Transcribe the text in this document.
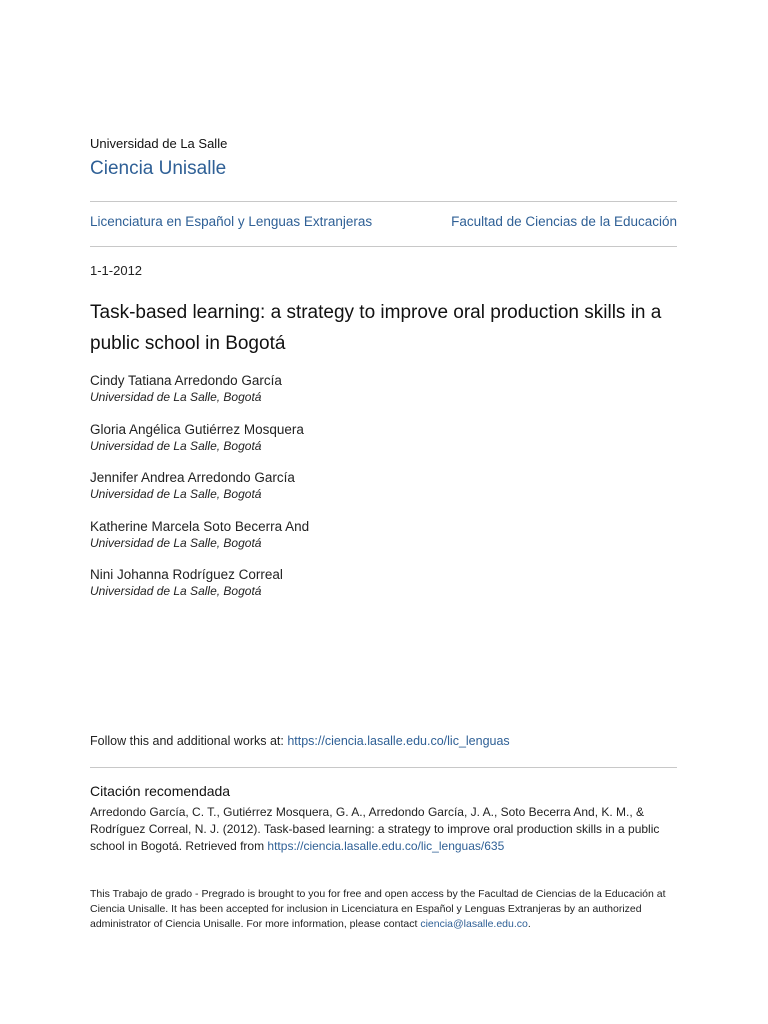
Universidad de La Salle
Ciencia Unisalle
Licenciatura en Español y Lenguas Extranjeras	Facultad de Ciencias de la Educación
1-1-2012
Task-based learning: a strategy to improve oral production skills in a public school in Bogotá
Cindy Tatiana Arredondo García
Universidad de La Salle, Bogotá
Gloria Angélica Gutiérrez Mosquera
Universidad de La Salle, Bogotá
Jennifer Andrea Arredondo García
Universidad de La Salle, Bogotá
Katherine Marcela Soto Becerra And
Universidad de La Salle, Bogotá
Nini Johanna Rodríguez Correal
Universidad de La Salle, Bogotá
Follow this and additional works at: https://ciencia.lasalle.edu.co/lic_lenguas
Citación recomendada
Arredondo García, C. T., Gutiérrez Mosquera, G. A., Arredondo García, J. A., Soto Becerra And, K. M., & Rodríguez Correal, N. J. (2012). Task-based learning: a strategy to improve oral production skills in a public school in Bogotá. Retrieved from https://ciencia.lasalle.edu.co/lic_lenguas/635
This Trabajo de grado - Pregrado is brought to you for free and open access by the Facultad de Ciencias de la Educación at Ciencia Unisalle. It has been accepted for inclusion in Licenciatura en Español y Lenguas Extranjeras by an authorized administrator of Ciencia Unisalle. For more information, please contact ciencia@lasalle.edu.co.
